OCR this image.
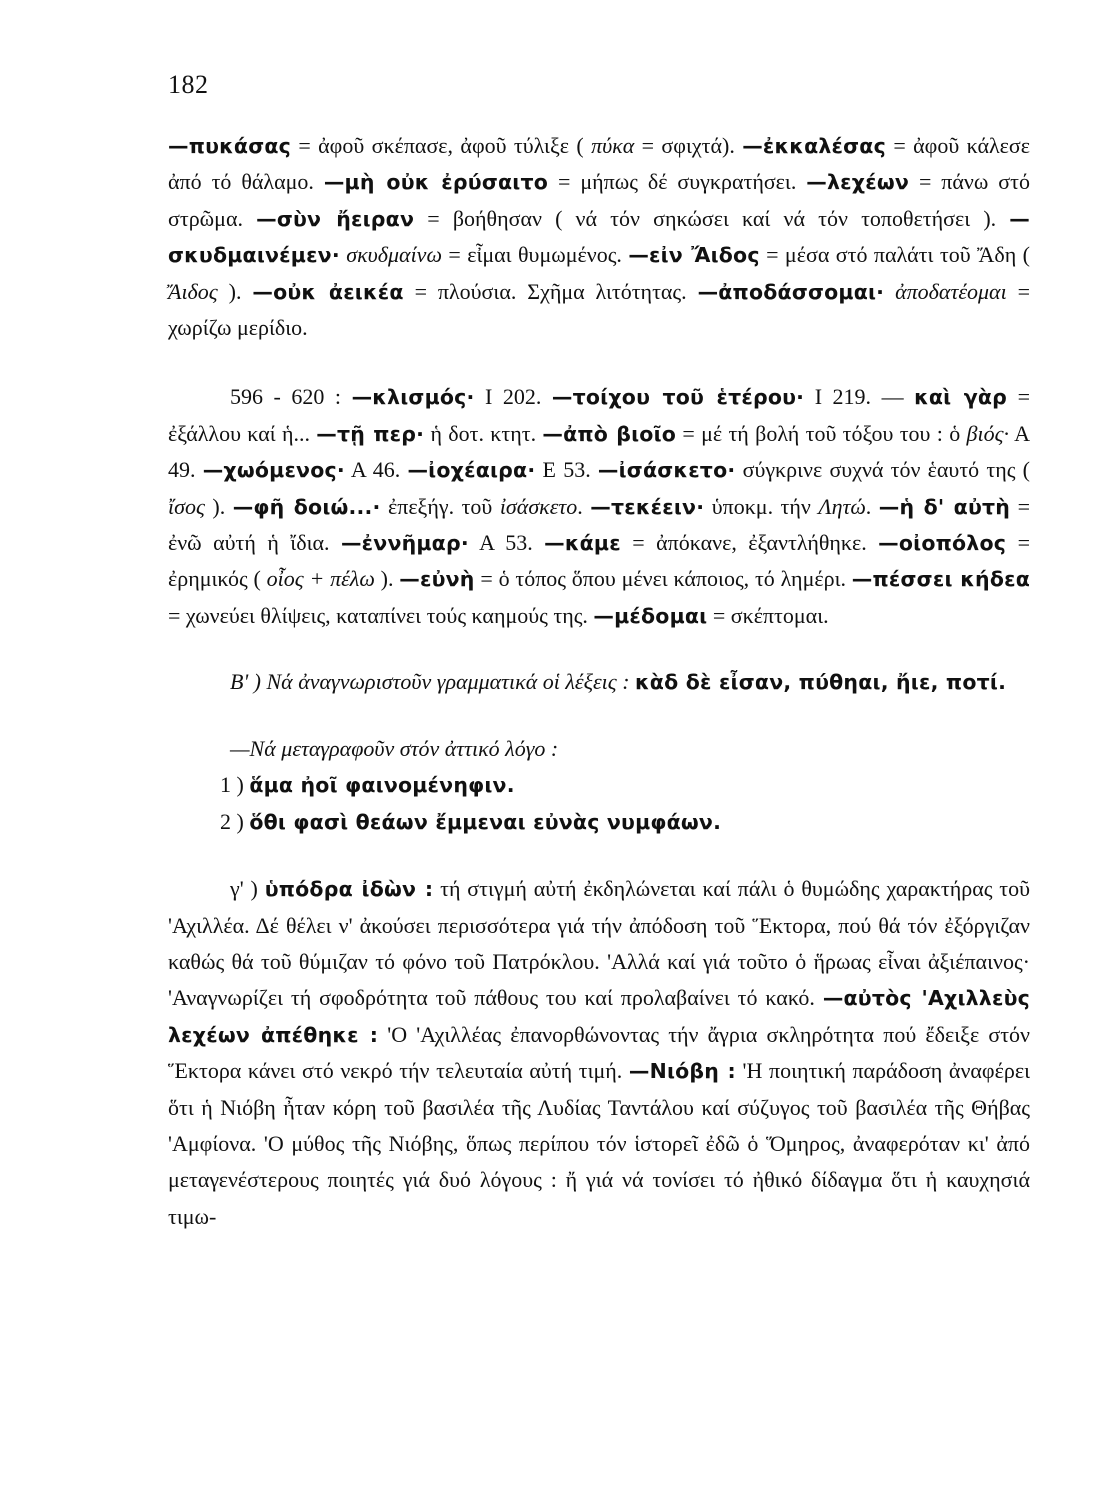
182

—πυκάσας = ἀφοῦ σκέπασε, ἀφοῦ τύλιξε ( πύκα = σφιχτά). —ἐκκαλέσας = ἀφοῦ κάλεσε ἀπό τό θάλαμο. —μὴ οὐκ ἐρύσαιτο = μήπως δέ συγκρατήσει. —λεχέων = πάνω στό στρῶμα. —σὺν ἤειραν = βοήθησαν ( νά τόν σηκώσει καί νά τόν τοποθετήσει ). —σκυδμαινέμεν· σκυδμαίνω = εἶμαι θυμωμένος. —εἰν Ἄιδος = μέσα στό παλάτι τοῦ Ἄδη ( Ἄιδος ). —οὐκ ἀεικέα = πλούσια. Σχῆμα λιτότητας. —ἀποδάσσομαι· ἀποδατέομαι = χωρίζω μερίδιο.

596 - 620 : —κλισμός· Ι 202. —τοίχου τοῦ ἑτέρου· Ι 219. — καὶ γὰρ = ἐξάλλου καί ἡ... —τῇ περ· ἡ δοτ. κτητ. —ἀπὸ βιοῖο = μέ τή βολή τοῦ τόξου του : ὁ βιός· Α 49. —χωόμενος· Α 46. —ἰοχέαιρα· Ε 53. —ἰσάσκετο· σύγκρινε συχνά τόν ἑαυτό της ( ἴσος ). —φῆ δοιώ...· ἐπεξήγ. τοῦ ἰσάσκετο. —τεκέειν· ὑποκμ. τήν Λητώ. —ἡ δ' αὐτὴ = ἐνῶ αὐτή ἡ ἴδια. —ἐννῆμαρ· Α 53. —κάμε = ἀπόκανε, ἐξαντλήθηκε. —οἰοπόλος = ἐρημικός ( οἶος + πέλω ). —εὐνὴ = ὁ τόπος ὅπου μένει κάποιος, τό λημέρι. —πέσσει κήδεα = χωνεύει θλίψεις, καταπίνει τούς καημούς της. —μέδομαι = σκέπτομαι.

Β' ) Νά ἀναγνωριστοῦν γραμματικά οἱ λέξεις : κὰδ δὲ εἶσαν, πύθηαι, ἤιε, ποτί.

—Νά μεταγραφοῦν στόν ἀττικό λόγο :

1 ) ἅμα ἠοῖ φαινομένηφιν.
2 ) ὅθι φασὶ θεάων ἔμμεναι εὐνὰς νυμφάων.

γ' ) ὑπόδρα ἰδὼν : τή στιγμή αὐτή ἐκδηλώνεται καί πάλι ὁ θυμώδης χαρακτήρας τοῦ 'Αχιλλέα. Δέ θέλει ν' ἀκούσει περισσότερα γιά τήν ἀπόδοση τοῦ Ἕκτορα, πού θά τόν ἐξόργιζαν καθώς θά τοῦ θύμιζαν τό φόνο τοῦ Πατρόκλου. 'Αλλά καί γιά τοῦτο ὁ ἥρωας εἶναι ἀξιέπαινος· 'Αναγνωρίζει τή σφοδρότητα τοῦ πάθους του καί προλαβαίνει τό κακό. —αὐτὸς 'Αχιλλεὺς λεχέων ἀπέθηκε : 'Ο 'Αχιλλέας ἐπανορθώνοντας τήν ἄγρια σκληρότητα πού ἔδειξε στόν Ἕκτορα κάνει στό νεκρό τήν τελευταία αὐτή τιμή. —Νιόβη : 'Η ποιητική παράδοση ἀναφέρει ὅτι ἡ Νιόβη ἦταν κόρη τοῦ βασιλέα τῆς Λυδίας Ταντάλου καί σύζυγος τοῦ βασιλέα τῆς Θήβας 'Αμφίονα. 'Ο μύθος τῆς Νιόβης, ὅπως περίπου τόν ἱστορεῖ ἐδῶ ὁ Ὅμηρος, ἀναφερόταν κι' ἀπό μεταγενέστερους ποιητές γιά δυό λόγους : ἤ γιά νά τονίσει τό ἠθικό δίδαγμα ὅτι ἡ καυχησιά τιμω-
